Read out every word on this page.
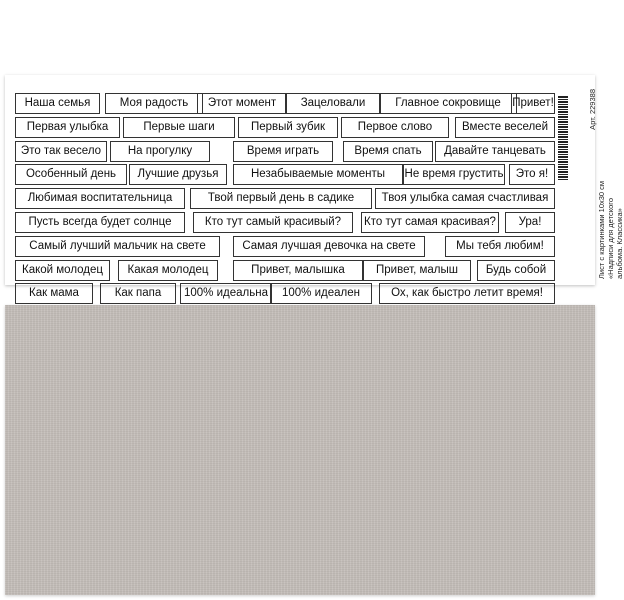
Наша семья	Моя радость	Этот момент	Зацеловали	Главное сокровище Привет!
Первая улыбка	Первые шаги	Первый зубик	Первое слово	Вместе веселей
Это так весело	На прогулку	Время играть	Время спать	Давайте танцевать
Особенный день	Лучшие друзья	Незабываемые моменты	Не время грустить	Это я!
Любимая воспитательница	Твой первый день в садике	Твоя улыбка самая счастливая
Пусть всегда будет солнце	Кто тут самый красивый?	Кто тут самая красивая?	Ура!
Самый лучший мальчик на свете	Самая лучшая девочка на свете	Мы тебя любим!
Какой молодец	Какая молодец	Привет, малышка	Привет, малыш	Будь собой
Как мама	Как папа	100% идеальна	100% идеален	Ох, как быстро летит время!
Арт. 229388
Лист с картинками 10х30 см «Надписи для детского альбома. Классика»
